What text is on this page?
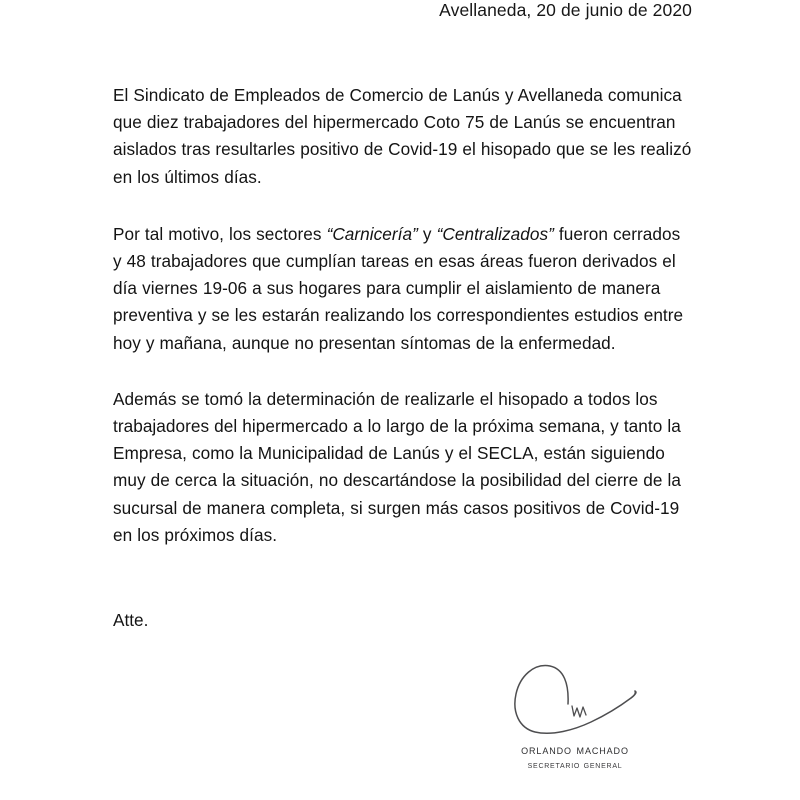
Avellaneda, 20 de junio de 2020

El Sindicato de Empleados de Comercio de Lanús y Avellaneda comunica que diez trabajadores del hipermercado Coto 75 de Lanús se encuentran aislados tras resultarles positivo de Covid-19 el hisopado que se les realizó en los últimos días.

Por tal motivo, los sectores “Carnicería” y “Centralizados” fueron cerrados y 48 trabajadores que cumplían tareas en esas áreas fueron derivados el día viernes 19-06 a sus hogares para cumplir el aislamiento de manera preventiva y se les estarán realizando los correspondientes estudios entre hoy y mañana, aunque no presentan síntomas de la enfermedad.

Además se tomó la determinación de realizarle el hisopado a todos los trabajadores del hipermercado a lo largo de la próxima semana, y tanto la Empresa, como la Municipalidad de Lanús y el SECLA, están siguiendo muy de cerca la situación, no descartándose la posibilidad del cierre de la sucursal de manera completa, si surgen más casos positivos de Covid-19 en los próximos días.

Atte.

orlando machado
secretario general
